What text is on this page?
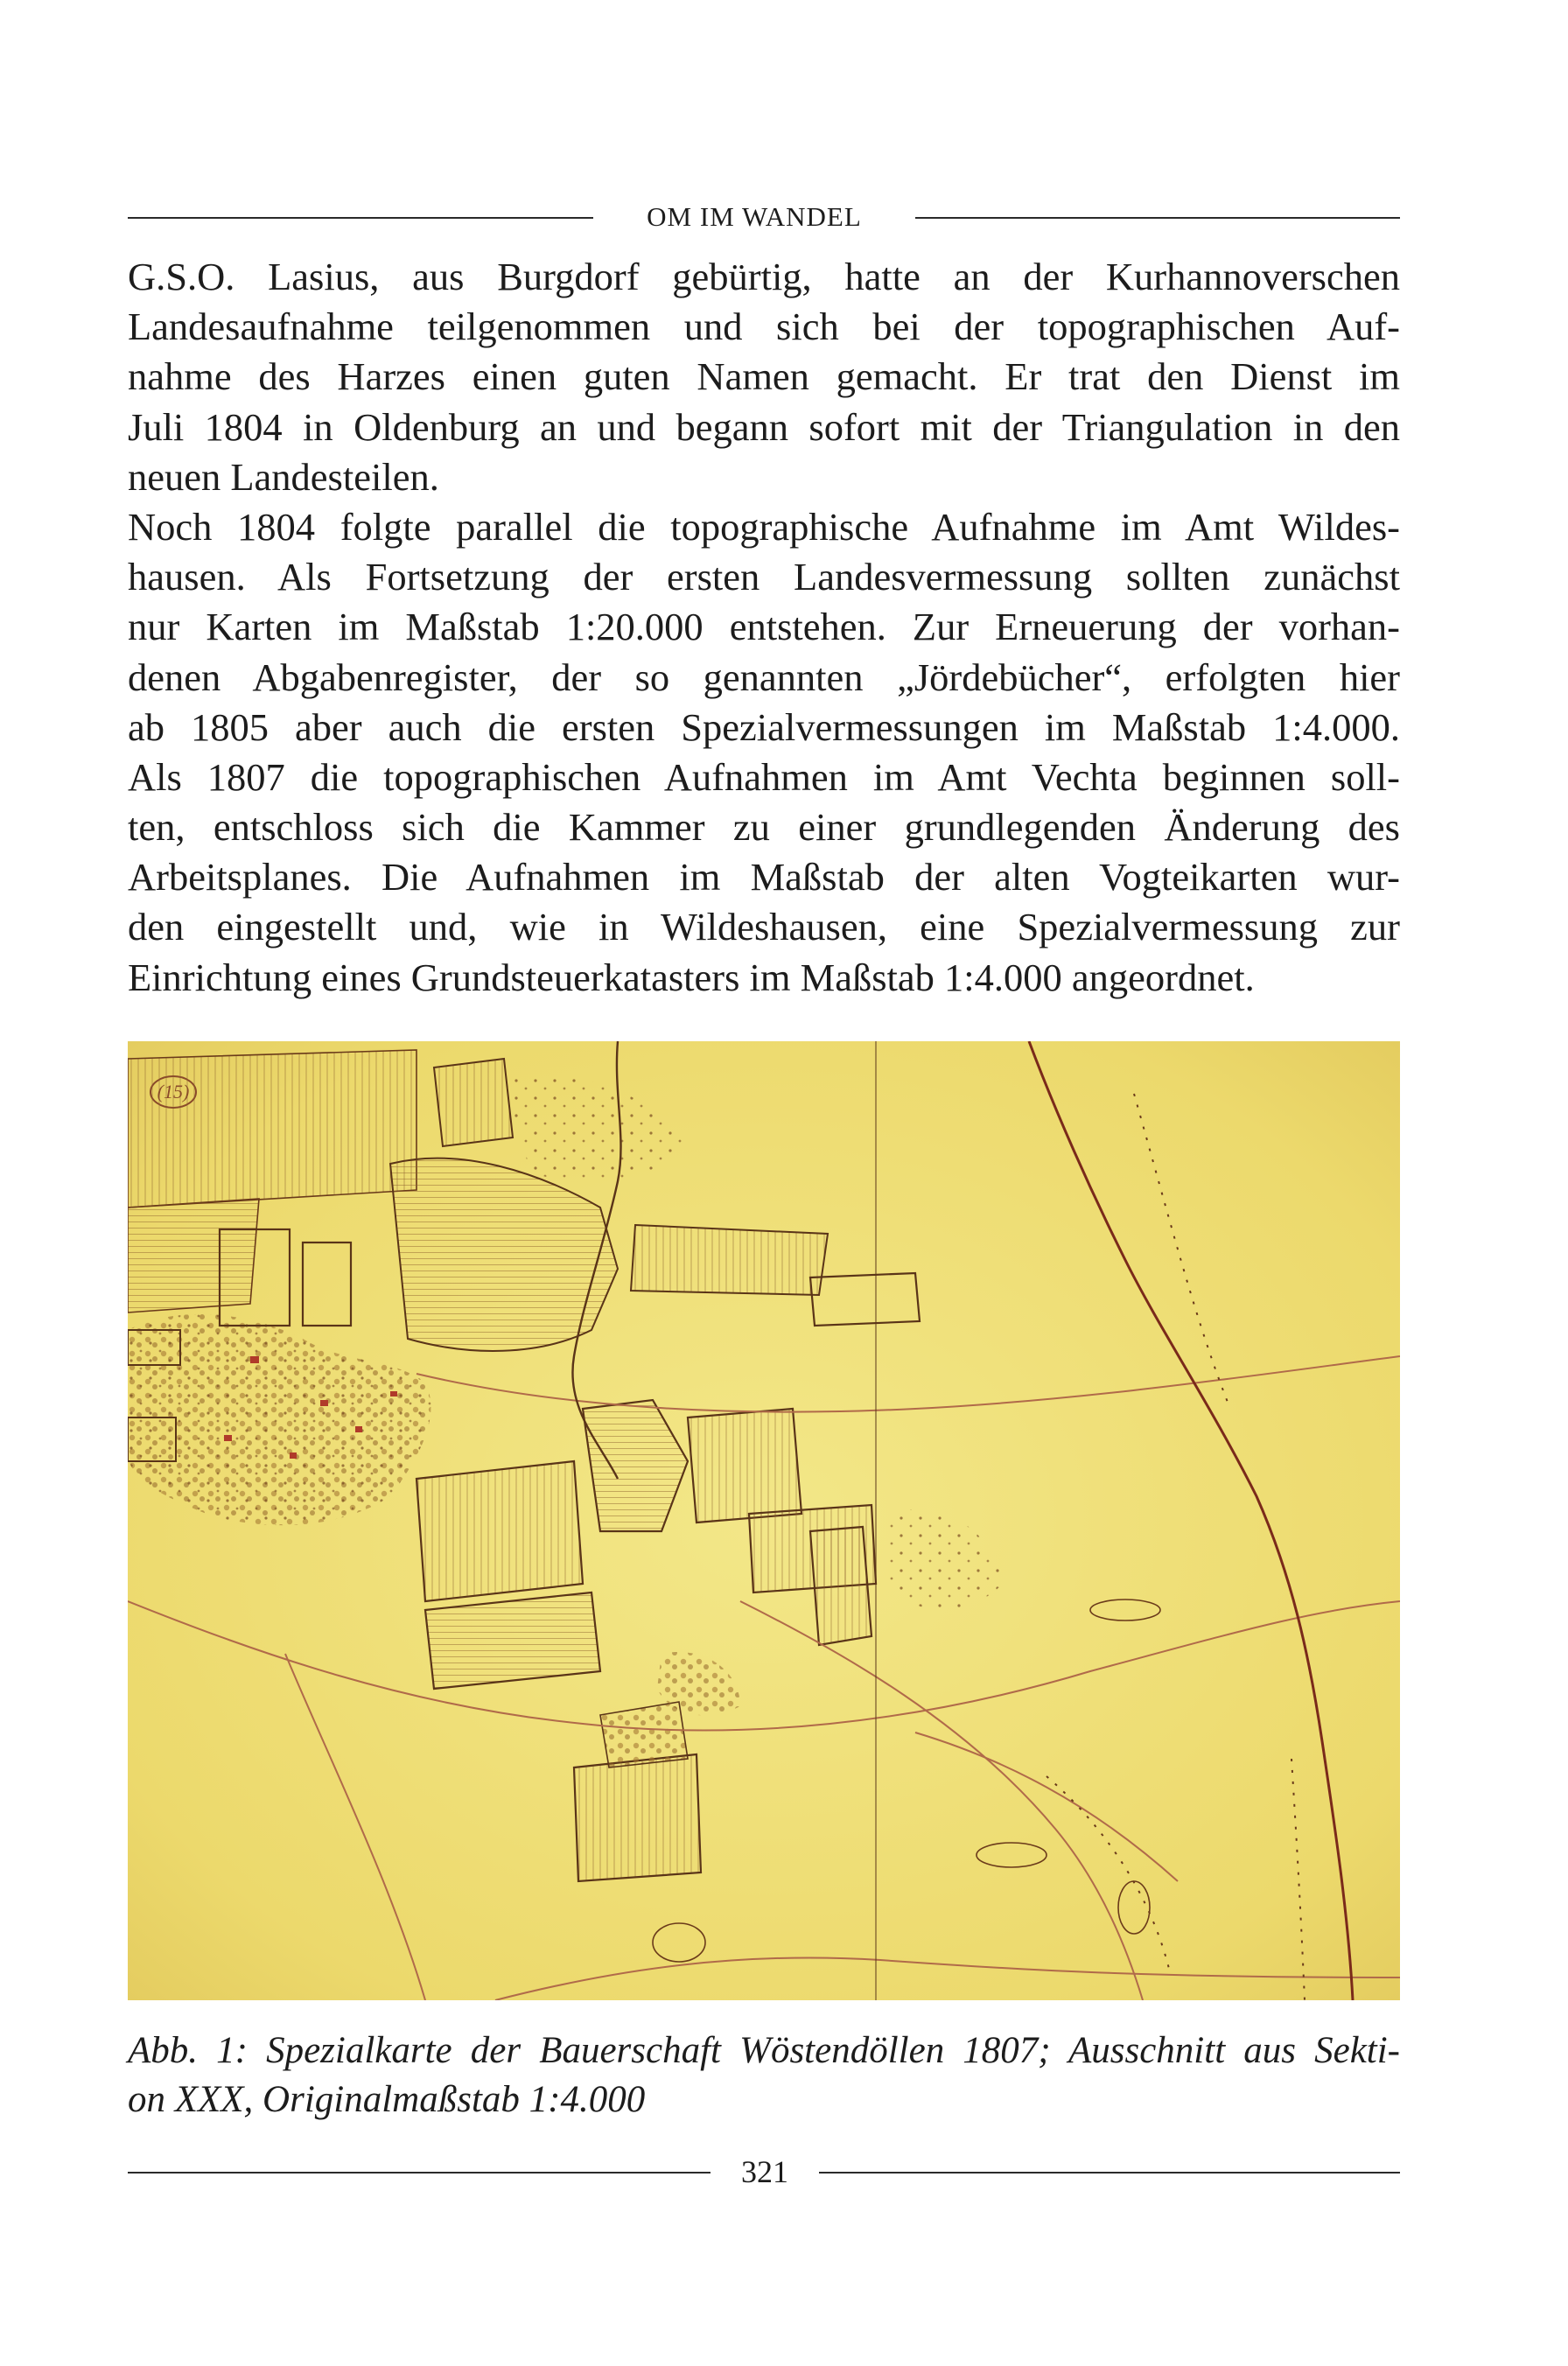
OM IM WANDEL
G.S.O. Lasius, aus Burgdorf gebürtig, hatte an der Kurhannoverschen
Landesaufnahme teilgenommen und sich bei der topographischen Auf-
nahme des Harzes einen guten Namen gemacht. Er trat den Dienst im
Juli 1804 in Oldenburg an und begann sofort mit der Triangulation in den
neuen Landesteilen.
Noch 1804 folgte parallel die topographische Aufnahme im Amt Wildes-
hausen. Als Fortsetzung der ersten Landesvermessung sollten zunächst
nur Karten im Maßstab 1:20.000 entstehen. Zur Erneuerung der vorhan-
denen Abgabenregister, der so genannten „Jördebücher“, erfolgten hier
ab 1805 aber auch die ersten Spezialvermessungen im Maßstab 1:4.000.
Als 1807 die topographischen Aufnahmen im Amt Vechta beginnen soll-
ten, entschloss sich die Kammer zu einer grundlegenden Änderung des
Arbeitsplanes. Die Aufnahmen im Maßstab der alten Vogteikarten wur-
den eingestellt und, wie in Wildeshausen, eine Spezialvermessung zur
Einrichtung eines Grundsteuerkatasters im Maßstab 1:4.000 angeordnet.
Abb. 1: Spezialkarte der Bauerschaft Wöstendöllen 1807; Ausschnitt aus Sekti-
on XXX, Originalmaßstab 1:4.000
321
